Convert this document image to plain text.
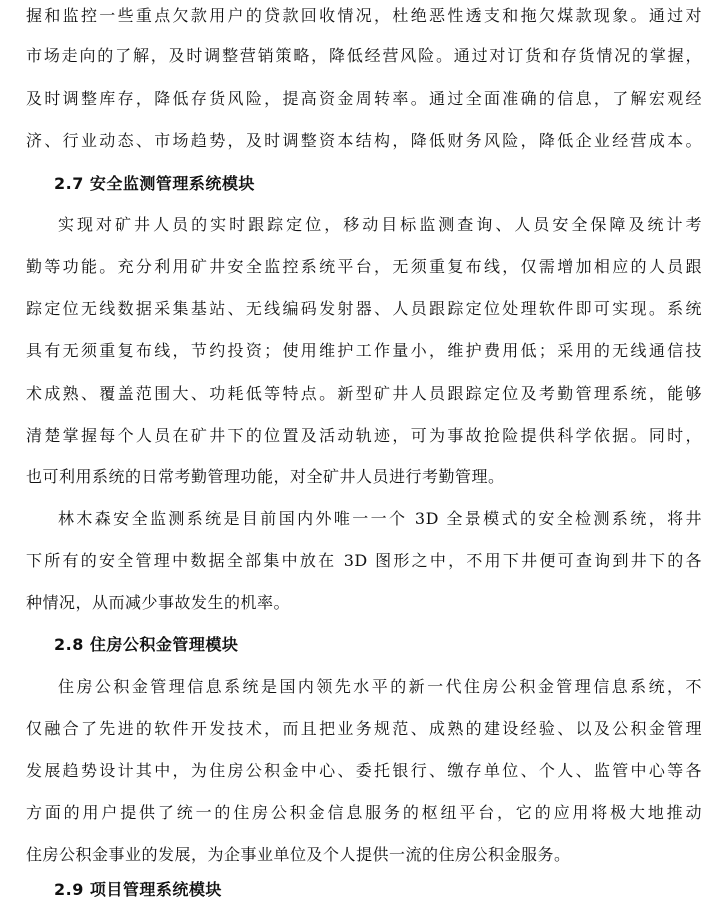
握和监控一些重点欠款用户的贷款回收情况，杜绝恶性透支和拖欠煤款现象。通过对
市场走向的了解，及时调整营销策略，降低经营风险。通过对订货和存货情况的掌握，
及时调整库存，降低存货风险，提高资金周转率。通过全面准确的信息，了解宏观经
济、行业动态、市场趋势，及时调整资本结构，降低财务风险，降低企业经营成本。
2.7 安全监测管理系统模块
实现对矿井人员的实时跟踪定位，移动目标监测查询、人员安全保障及统计考
勤等功能。充分利用矿井安全监控系统平台，无须重复布线，仅需增加相应的人员跟
踪定位无线数据采集基站、无线编码发射器、人员跟踪定位处理软件即可实现。系统
具有无须重复布线，节约投资；使用维护工作量小，维护费用低；采用的无线通信技
术成熟、覆盖范围大、功耗低等特点。新型矿井人员跟踪定位及考勤管理系统，能够
清楚掌握每个人员在矿井下的位置及活动轨迹，可为事故抢险提供科学依据。同时，
也可利用系统的日常考勤管理功能，对全矿井人员进行考勤管理。
林木森安全监测系统是目前国内外唯一一个 3D 全景模式的安全检测系统，将井
下所有的安全管理中数据全部集中放在 3D 图形之中，不用下井便可查询到井下的各
种情况，从而减少事故发生的机率。
2.8 住房公积金管理模块
住房公积金管理信息系统是国内领先水平的新一代住房公积金管理信息系统，不
仅融合了先进的软件开发技术，而且把业务规范、成熟的建设经验、以及公积金管理
发展趋势设计其中，为住房公积金中心、委托银行、缴存单位、个人、监管中心等各
方面的用户提供了统一的住房公积金信息服务的枢纽平台，它的应用将极大地推动
住房公积金事业的发展，为企事业单位及个人提供一流的住房公积金服务。
2.9 项目管理系统模块
